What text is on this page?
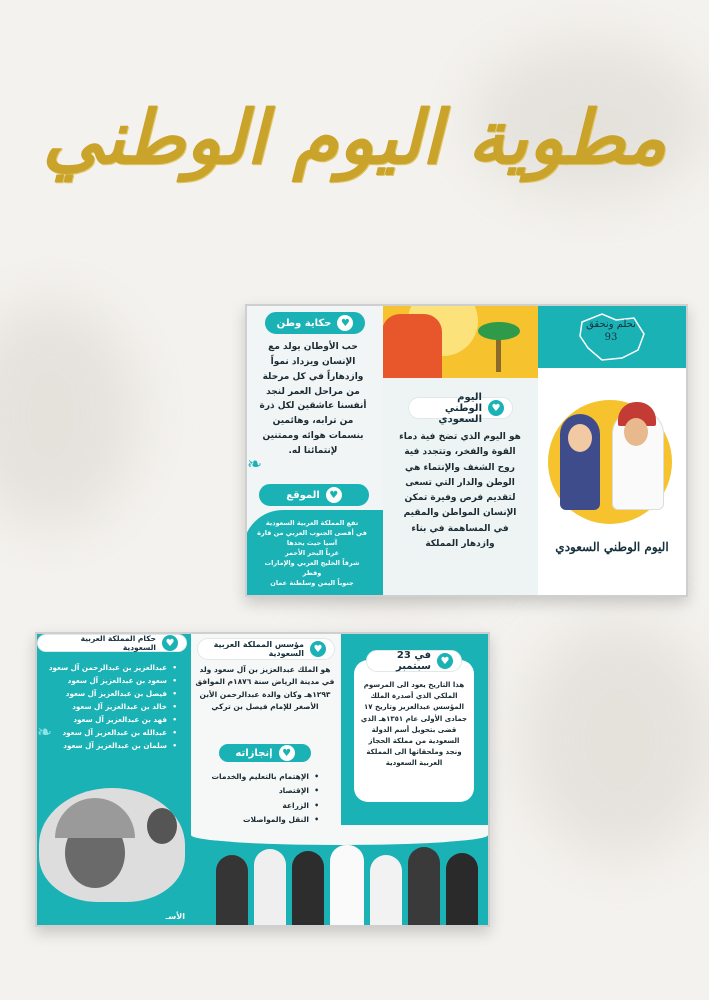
مطوية اليوم الوطني
نحلم ونحقق
93
اليوم الوطني السعودي
♥
اليوم الوطني السعودي
هو اليوم الذي تضخ فية دماء القوة والفخر، وتتجدد فية روح الشغف والإنتماء هي الوطن والدار التي تسعى لتقديم فرص وفيرة تمكن الإنسان المواطن والمقيم في المساهمة في بناء وازدهار المملكة
♥
حكاية وطن
حب الأوطان يولد مع الإنسان ويزداد نمواً وازدهاراً في كل مرحلة من مراحل العمر لنجد أنفسنا عاشقين لكل ذرة من ترابه، وهائمين بنسمات هوائه وممتنين لإنتمائنا له.
♥
الموقع
تقع المملكة العربية السعودية
في أقصى الجنوب العربي من قارة
آسيا حيث يحدها
غرباً البحر الأحمر
شرقاً الخليج العربي والإمارات
وقطر
جنوباً اليمن وسلطنة عمان
❧
♥
في 23 سبتمبر
هذا التاريخ يعود الى المرسوم الملكي الذي أصدرة الملك المؤسس عبدالعزيز وتاريخ ١٧ جمادى الأولى عام ١٣٥١هـ الذي قضى بتحويل أسم الدولة السعودية من مملكة الحجاز ونجد وملحقاتها الى المملكة العربية السعودية
♥
مؤسس المملكة العربية السعودية
هو الملك عبدالعزيز بن آل سعود ولد في مدينة الرياض سنة ١٨٧٦م الموافق ١٢٩٣هـ وكان والدة عبدالرحمن الأبن الأصغر للإمام فيصل بن تركي
♥
إنجازاته
• الإهتمام بالتعليم والخدمات
• الإقتصاد
• الزراعة
• النقل والمواصلات
♥
حكام المملكة العربية السعودية
• عبدالعزيز بن عبدالرحمن آل سعود
• سعود بن عبدالعزيز آل سعود
• فيصل بن عبدالعزيز آل سعود
• خالد بن عبدالعزيز آل سعود
• فهد بن عبدالعزيز آل سعود
• عبدالله بن عبدالعزيز آل سعود
• سلمان بن عبدالعزيز آل سعود
❧
الأسـ
